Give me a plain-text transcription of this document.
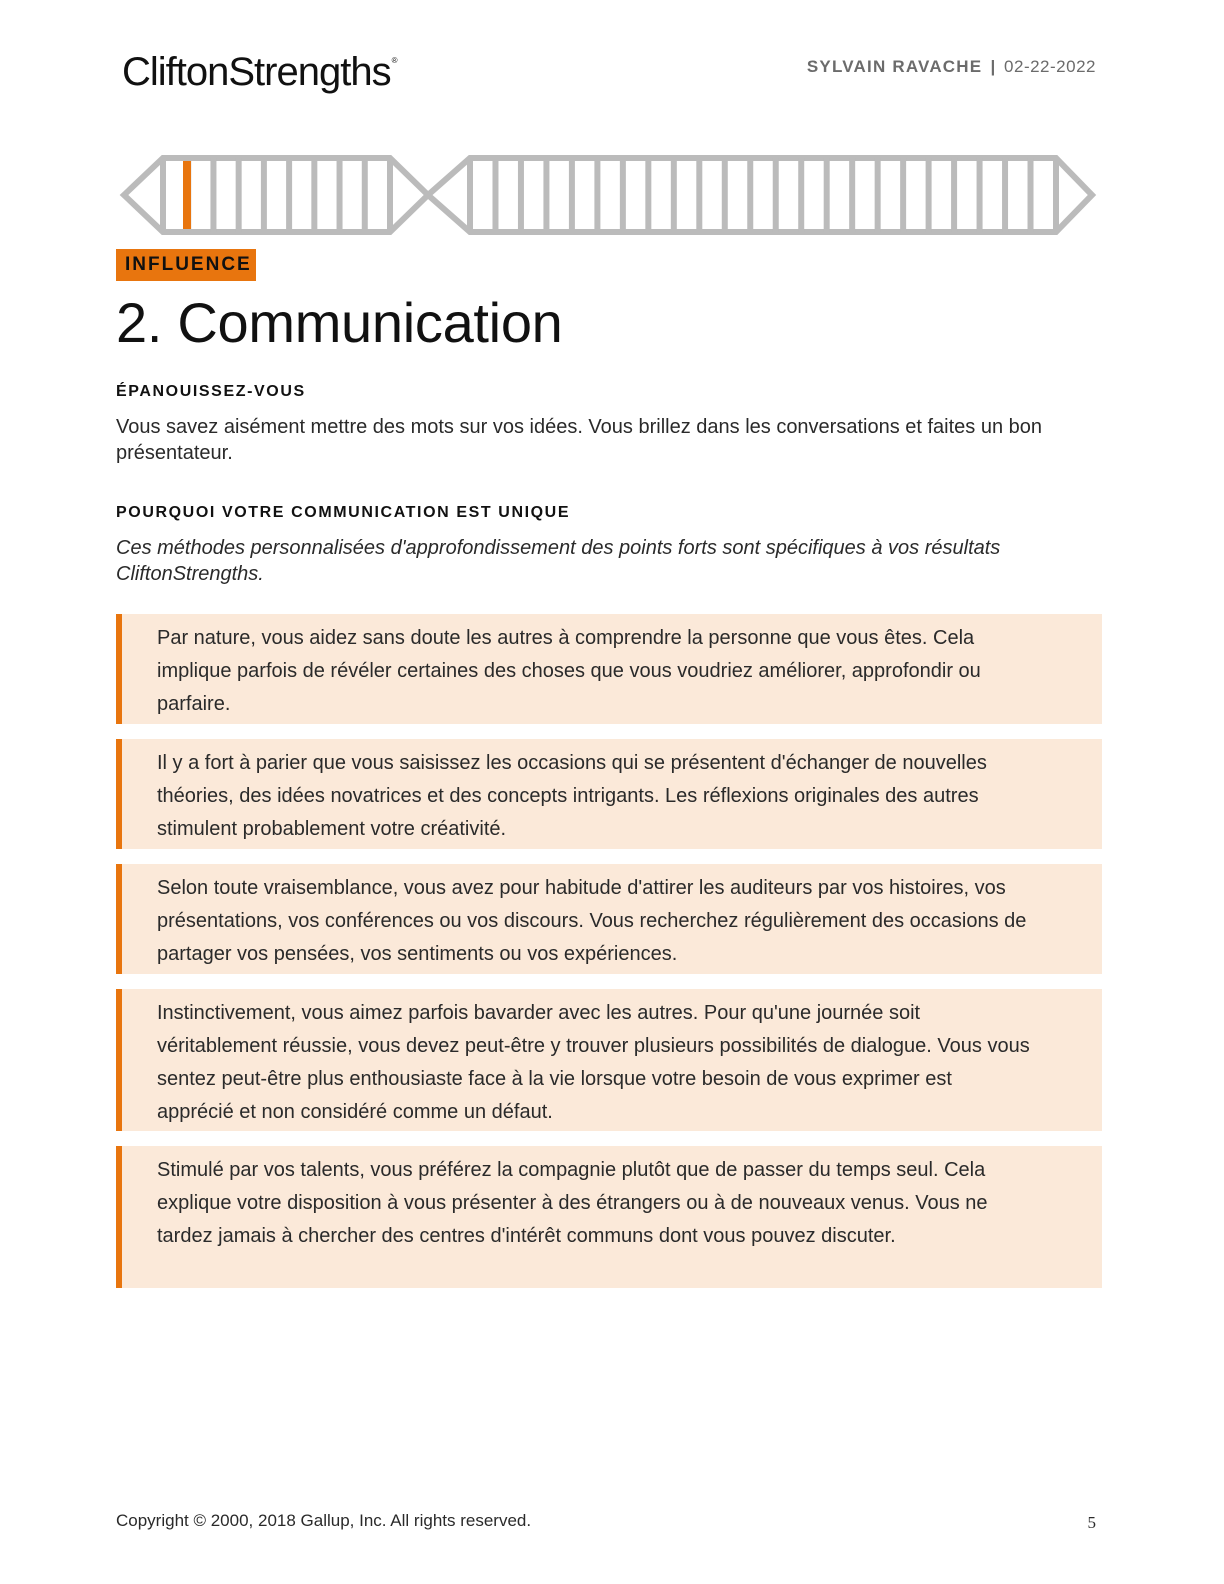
CliftonStrengths®	SYLVAIN RAVACHE | 02-22-2022
INFLUENCE
2. Communication
ÉPANOUISSEZ-VOUS

Vous savez aisément mettre des mots sur vos idées. Vous brillez dans les conversations et faites un bon présentateur.

POURQUOI VOTRE COMMUNICATION EST UNIQUE

Ces méthodes personnalisées d'approfondissement des points forts sont spécifiques à vos résultats CliftonStrengths.

Par nature, vous aidez sans doute les autres à comprendre la personne que vous êtes. Cela implique parfois de révéler certaines des choses que vous voudriez améliorer, approfondir ou parfaire.
Il y a fort à parier que vous saisissez les occasions qui se présentent d'échanger de nouvelles théories, des idées novatrices et des concepts intrigants. Les réflexions originales des autres stimulent probablement votre créativité.
Selon toute vraisemblance, vous avez pour habitude d'attirer les auditeurs par vos histoires, vos présentations, vos conférences ou vos discours. Vous recherchez régulièrement des occasions de partager vos pensées, vos sentiments ou vos expériences.
Instinctivement, vous aimez parfois bavarder avec les autres. Pour qu'une journée soit véritablement réussie, vous devez peut-être y trouver plusieurs possibilités de dialogue. Vous vous sentez peut-être plus enthousiaste face à la vie lorsque votre besoin de vous exprimer est apprécié et non considéré comme un défaut.
Stimulé par vos talents, vous préférez la compagnie plutôt que de passer du temps seul. Cela explique votre disposition à vous présenter à des étrangers ou à de nouveaux venus. Vous ne tardez jamais à chercher des centres d'intérêt communs dont vous pouvez discuter.
Copyright © 2000, 2018 Gallup, Inc. All rights reserved.	5
